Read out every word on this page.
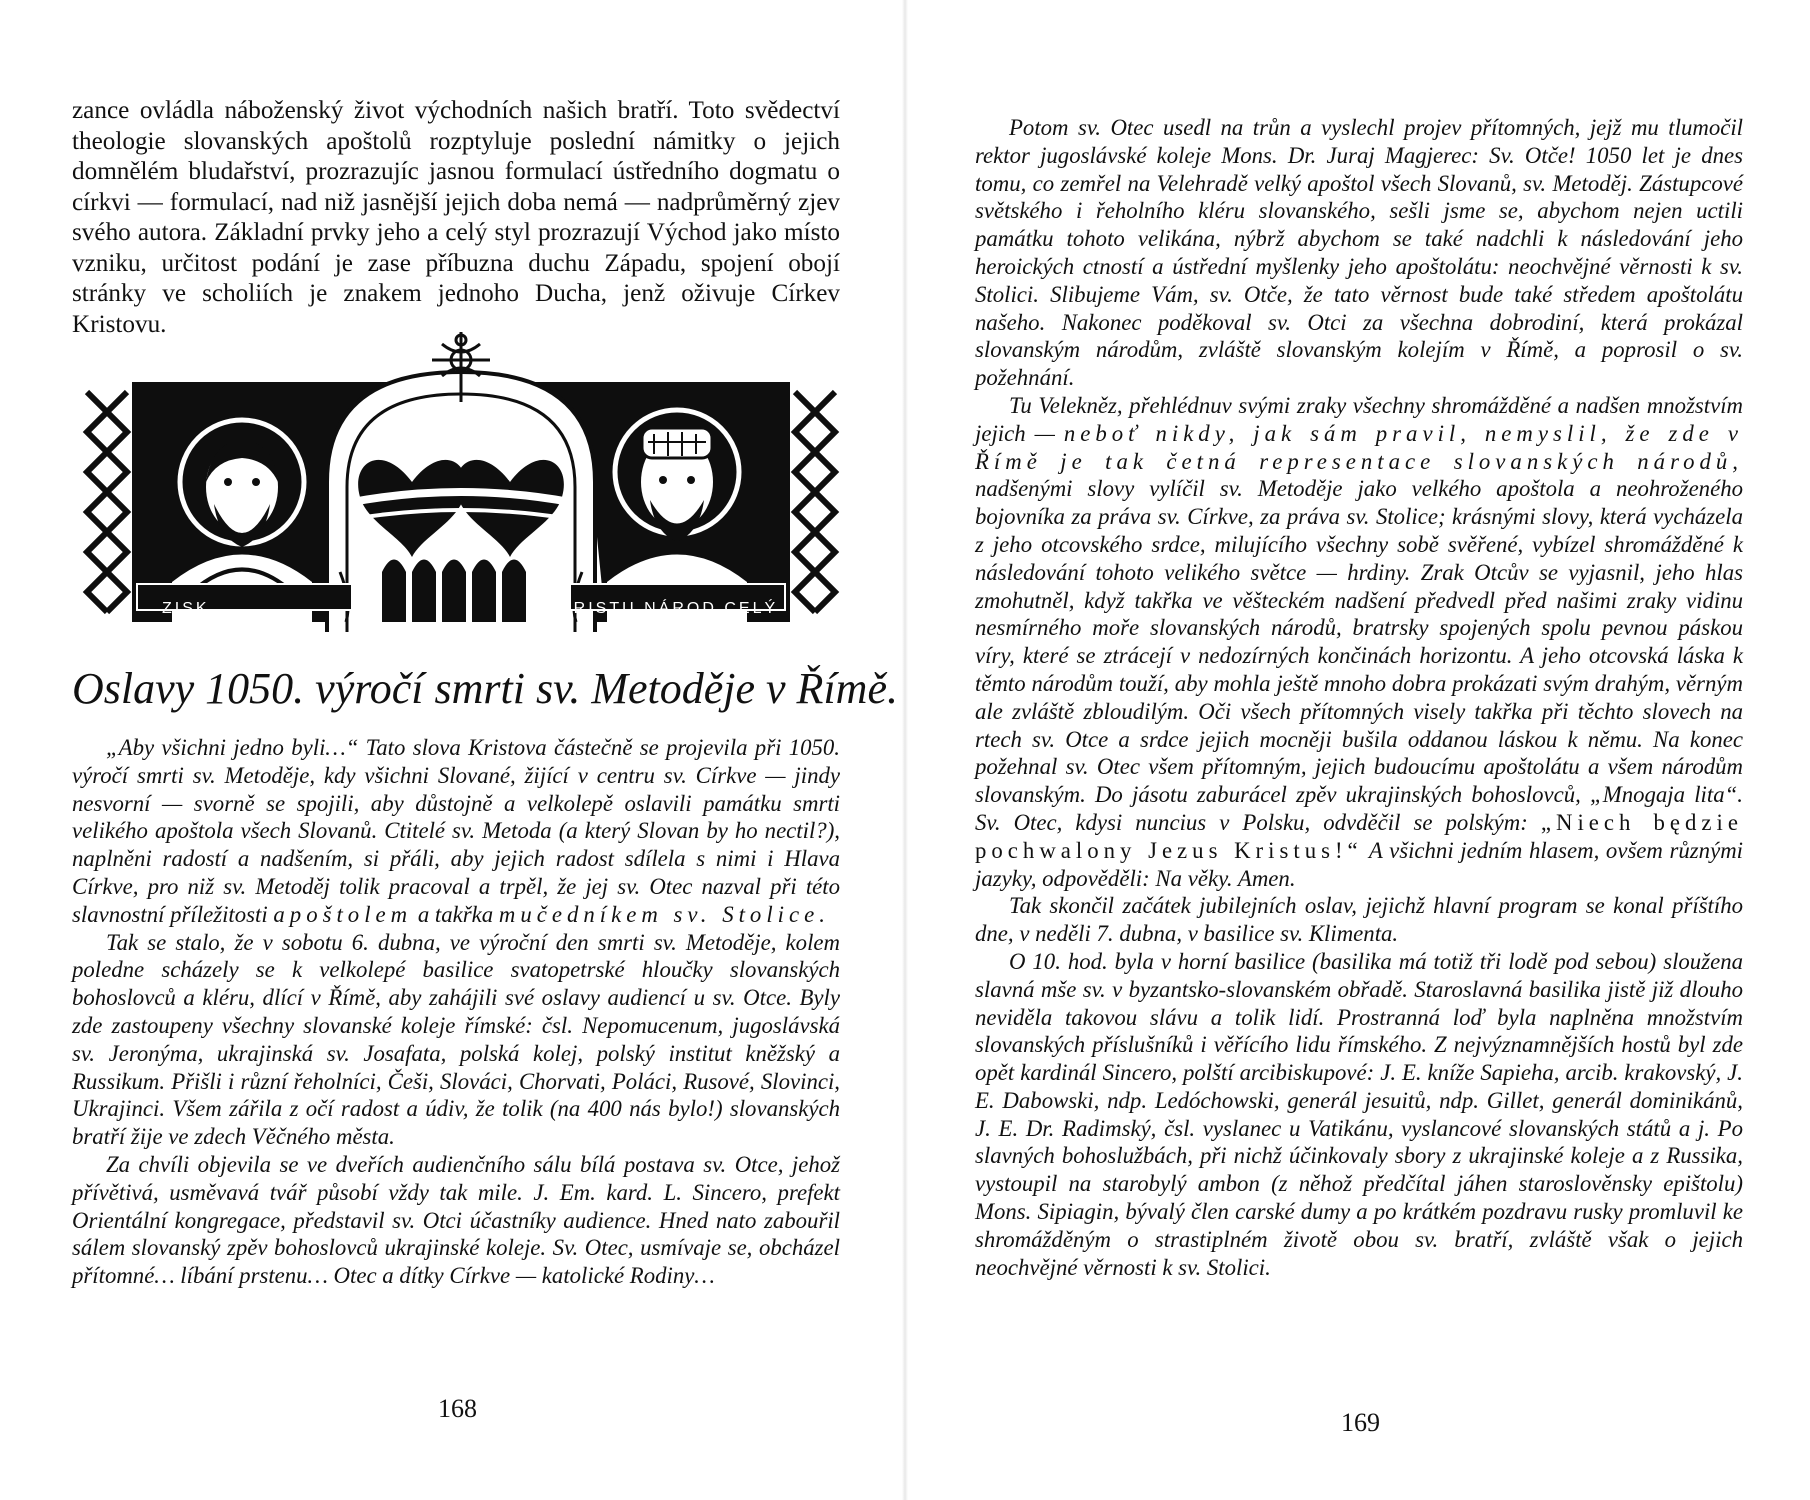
zance ovládla náboženský život východních našich bratří. Toto svědectví theologie slovanských apoštolů rozptyluje poslední námitky o jejich domnělém bludařství, prozrazujíc jasnou formulací ústředního dogmatu o církvi — formulací, nad niž jasnější jejich doba nemá — nadprůměrný zjev svého autora. Základní prvky jeho a celý styl prozrazují Východ jako místo vzniku, určitost podání je zase příbuzna duchu Západu, spojení obojí stránky ve scholiích je znakem jednoho Ducha, jenž oživuje Církev Kristovu.

ZISK ... ...	KRISTU NÁROD CELÝ
Oslavy 1050. výročí smrti sv. Metoděje v Římě.

„Aby všichni jedno byli…“ Tato slova Kristova částečně se projevila při 1050. výročí smrti sv. Metoděje, kdy všichni Slované, žijící v centru sv. Církve — jindy nesvorní — svorně se spojili, aby důstojně a velkolepě oslavili památku smrti velikého apoštola všech Slovanů. Ctitelé sv. Metoda (a který Slovan by ho nectil?), naplněni radostí a nadšením, si přáli, aby jejich radost sdílela s nimi i Hlava Církve, pro niž sv. Metoděj tolik pracoval a trpěl, že jej sv. Otec nazval při této slavnostní příležitosti apoštolem a takřka mučedníkem sv. Stolice.

Tak se stalo, že v sobotu 6. dubna, ve výroční den smrti sv. Metoděje, kolem poledne scházely se k velkolepé basilice svatopetrské hloučky slovanských bohoslovců a kléru, dlící v Římě, aby zahájili své oslavy audiencí u sv. Otce. Byly zde zastoupeny všechny slovanské koleje římské: čsl. Nepomucenum, jugoslávská sv. Jeronýma, ukrajinská sv. Josafata, polská kolej, polský institut kněžský a Russikum. Přišli i různí řeholníci, Češi, Slováci, Chorvati, Poláci, Rusové, Slovinci, Ukrajinci. Všem zářila z očí radost a údiv, že tolik (na 400 nás bylo!) slovanských bratří žije ve zdech Věčného města.

Za chvíli objevila se ve dveřích audienčního sálu bílá postava sv. Otce, jehož přívětivá, usměvavá tvář působí vždy tak mile. J. Em. kard. L. Sincero, prefekt Orientální kongregace, představil sv. Otci účastníky audience. Hned nato zabouřil sálem slovanský zpěv bohoslovců ukrajinské koleje. Sv. Otec, usmívaje se, obcházel přítomné… líbání prstenu… Otec a dítky Církve — katolické Rodiny…

168

Potom sv. Otec usedl na trůn a vyslechl projev přítomných, jejž mu tlumočil rektor jugoslávské koleje Mons. Dr. Juraj Magjerec: Sv. Otče! 1050 let je dnes tomu, co zemřel na Velehradě velký apoštol všech Slovanů, sv. Metoděj. Zástupcové světského i řeholního kléru slovanského, sešli jsme se, abychom nejen uctili památku tohoto velikána, nýbrž abychom se také nadchli k následování jeho heroických ctností a ústřední myšlenky jeho apoštolátu: neochvějné věrnosti k sv. Stolici. Slibujeme Vám, sv. Otče, že tato věrnost bude také středem apoštolátu našeho. Nakonec poděkoval sv. Otci za všechna dobrodiní, která prokázal slovanským národům, zvláště slovanským kolejím v Římě, a poprosil o sv. požehnání.

Tu Velekněz, přehlédnuv svými zraky všechny shromážděné a nadšen množstvím jejich — neboť nikdy, jak sám pravil, nemyslil, že zde v Římě je tak četná representace slovanských národů, nadšenými slovy vylíčil sv. Metoděje jako velkého apoštola a neohroženého bojovníka za práva sv. Církve, za práva sv. Stolice; krásnými slovy, která vycházela z jeho otcovského srdce, milujícího všechny sobě svěřené, vybízel shromážděné k následování tohoto velikého světce — hrdiny. Zrak Otcův se vyjasnil, jeho hlas zmohutněl, když takřka ve věšteckém nadšení předvedl před našimi zraky vidinu nesmírného moře slovanských národů, bratrsky spojených spolu pevnou páskou víry, které se ztrácejí v nedozírných končinách horizontu. A jeho otcovská láska k těmto národům touží, aby mohla ještě mnoho dobra prokázati svým drahým, věrným ale zvláště zbloudilým. Oči všech přítomných visely takřka při těchto slovech na rtech sv. Otce a srdce jejich mocněji bušila oddanou láskou k němu. Na konec požehnal sv. Otec všem přítomným, jejich budoucímu apoštolátu a všem národům slovanským. Do jásotu zaburácel zpěv ukrajinských bohoslovců, „Mnogaja lita“. Sv. Otec, kdysi nuncius v Polsku, odvděčil se polským: „Niech będzie pochwalony Jezus Kristus!“ A všichni jedním hlasem, ovšem různými jazyky, odpověděli: Na věky. Amen.

Tak skončil začátek jubilejních oslav, jejichž hlavní program se konal příštího dne, v neděli 7. dubna, v basilice sv. Klimenta.

O 10. hod. byla v horní basilice (basilika má totiž tři lodě pod sebou) sloužena slavná mše sv. v byzantsko-slovanském obřadě. Staroslavná basilika jistě již dlouho neviděla takovou slávu a tolik lidí. Prostranná loď byla naplněna množstvím slovanských příslušníků i věřícího lidu římského. Z nejvýznamnějších hostů byl zde opět kardinál Sincero, polští arcibiskupové: J. E. kníže Sapieha, arcib. krakovský, J. E. Dabowski, ndp. Ledóchowski, generál jesuitů, ndp. Gillet, generál dominikánů, J. E. Dr. Radimský, čsl. vyslanec u Vatikánu, vyslancové slovanských států a j. Po slavných bohoslužbách, při nichž účinkovaly sbory z ukrajinské koleje a z Russika, vystoupil na starobylý ambon (z něhož předčítal jáhen staroslověnsky epištolu) Mons. Sipiagin, bývalý člen carské dumy a po krátkém pozdravu rusky promluvil ke shromážděným o strastiplném životě obou sv. bratří, zvláště však o jejich neochvějné věrnosti k sv. Stolici.

169
